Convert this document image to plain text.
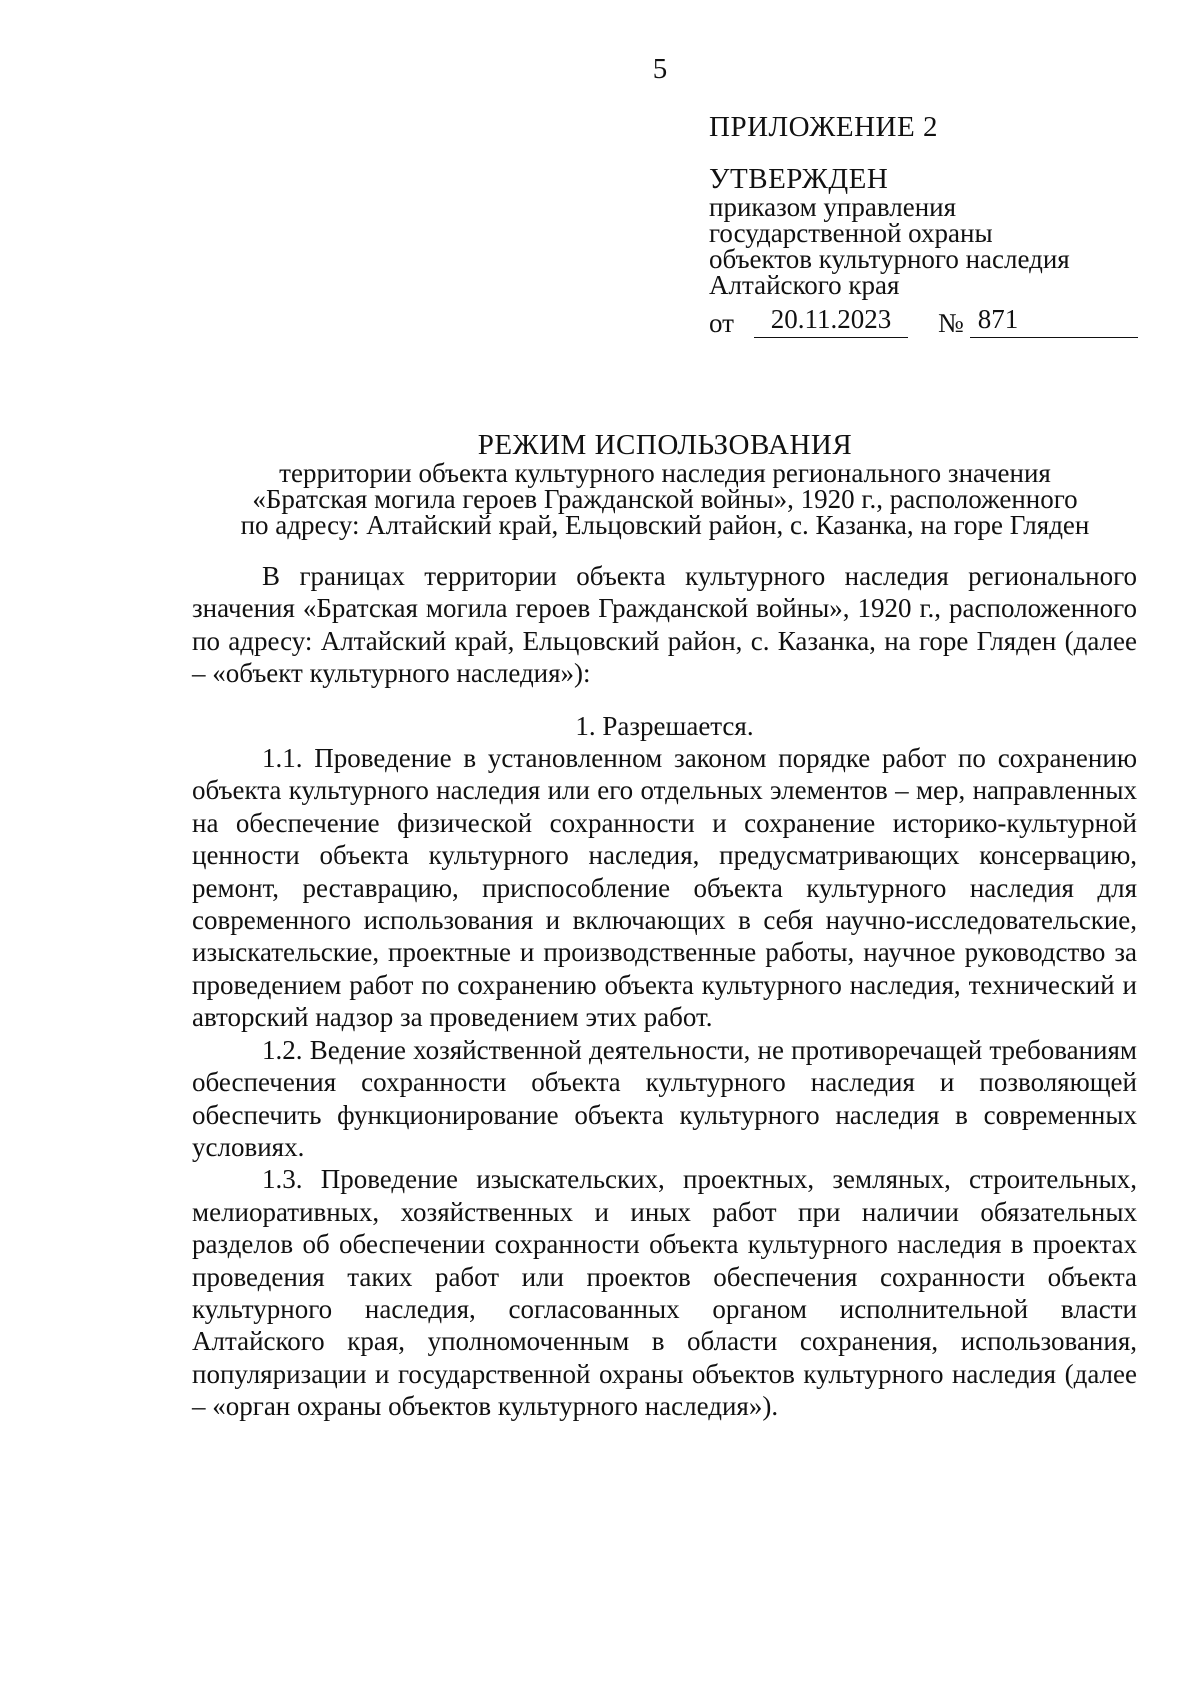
5
ПРИЛОЖЕНИЕ 2
УТВЕРЖДЕН
приказом управления
государственной охраны
объектов культурного наследия
Алтайского края
от	20.11.2023	№ 871
РЕЖИМ ИСПОЛЬЗОВАНИЯ
территории объекта культурного наследия регионального значения
«Братская могила героев Гражданской войны», 1920 г., расположенного
по адресу: Алтайский край, Ельцовский район, с. Казанка, на горе Гляден

В границах территории объекта культурного наследия регионального значения «Братская могила героев Гражданской войны», 1920 г., расположенного по адресу: Алтайский край, Ельцовский район, с. Казанка, на горе Гляден (далее – «объект культурного наследия»):

1. Разрешается.

1.1. Проведение в установленном законом порядке работ по сохранению объекта культурного наследия или его отдельных элементов – мер, направленных на обеспечение физической сохранности и сохранение историко-культурной ценности объекта культурного наследия, предусматривающих консервацию, ремонт, реставрацию, приспособление объекта культурного наследия для современного использования и включающих в себя научно-исследовательские, изыскательские, проектные и производственные работы, научное руководство за проведением работ по сохранению объекта культурного наследия, технический и авторский надзор за проведением этих работ.

1.2. Ведение хозяйственной деятельности, не противоречащей требованиям обеспечения сохранности объекта культурного наследия и позволяющей обеспечить функционирование объекта культурного наследия в современных условиях.

1.3. Проведение изыскательских, проектных, земляных, строительных, мелиоративных, хозяйственных и иных работ при наличии обязательных разделов об обеспечении сохранности объекта культурного наследия в проектах проведения таких работ или проектов обеспечения сохранности объекта культурного наследия, согласованных органом исполнительной власти Алтайского края, уполномоченным в области сохранения, использования, популяризации и государственной охраны объектов культурного наследия (далее – «орган охраны объектов культурного наследия»).
